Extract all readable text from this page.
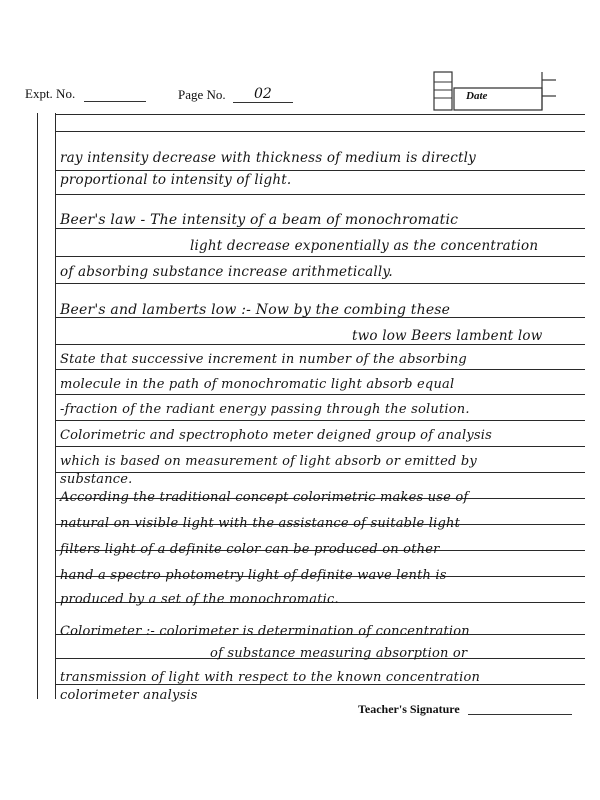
Expt. No.	Page No. 02	Date
ray intensity decrease with thickness of medium is directly
proportional to intensity of light.
Beer's law - The intensity of a beam of monochromatic
light decrease exponentially as the concentration
of absorbing substance increase arithmetically.
Beer's and lamberts low :- Now by the combing these
two low Beers lambent low
State that successive increment in number of the absorbing
molecule in the path of monochromatic light absorb equal
-fraction of the radiant energy passing through the solution.
Colorimetric and spectrophoto meter deigned group of analysis
which is based on measurement of light absorb or emitted by
substance.
According the traditional concept colorimetric makes use of
natural on visible light with the assistance of suitable light
filters light of a definite color can be produced on other
hand a spectro photometry light of definite wave lenth is
produced by a set of the monochromatic.
Colorimeter :- colorimeter is determination of concentration
of substance measuring absorption or
transmission of light with respect to the known concentration
colorimeter analysis
Teacher's Signature
